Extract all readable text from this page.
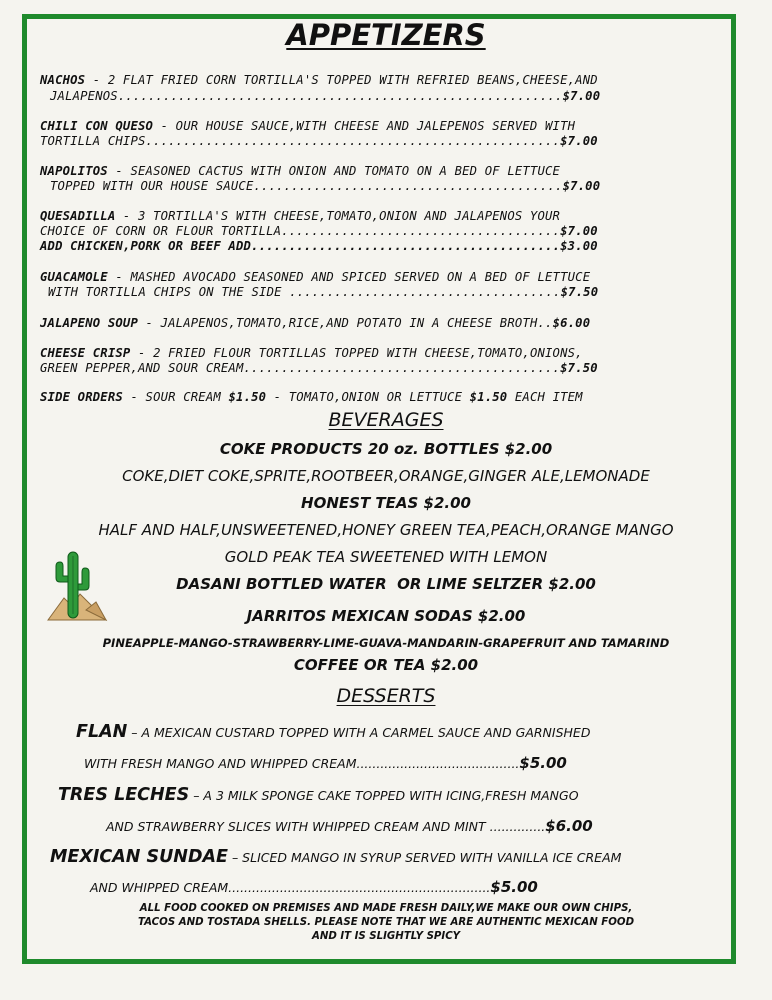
APPETIZERS
NACHOS - 2 FLAT FRIED CORN TORTILLA'S TOPPED WITH REFRIED BEANS,CHEESE,AND
JALAPENOS...........................................................$7.00
CHILI CON QUESO - OUR HOUSE SAUCE,WITH CHEESE AND JALEPENOS SERVED WITH
TORTILLA CHIPS.......................................................$7.00
NAPOLITOS - SEASONED CACTUS WITH ONION AND TOMATO ON A BED OF LETTUCE
TOPPED WITH OUR HOUSE SAUCE.........................................$7.00
QUESADILLA - 3 TORTILLA'S WITH CHEESE,TOMATO,ONION AND JALAPENOS YOUR
CHOICE OF CORN OR FLOUR TORTILLA.....................................$7.00
ADD CHICKEN,PORK OR BEEF ADD.........................................$3.00
GUACAMOLE - MASHED AVOCADO SEASONED AND SPICED SERVED ON A BED OF LETTUCE
WITH TORTILLA CHIPS ON THE SIDE ....................................$7.50
JALAPENO SOUP - JALAPENOS,TOMATO,RICE,AND POTATO IN A CHEESE BROTH..$6.00
CHEESE CRISP - 2 FRIED FLOUR TORTILLAS TOPPED WITH CHEESE,TOMATO,ONIONS,
GREEN PEPPER,AND SOUR CREAM..........................................$7.50
SIDE ORDERS - SOUR CREAM $1.50 - TOMATO,ONION OR LETTUCE $1.50 EACH ITEM
BEVERAGES
COKE PRODUCTS 20 oz. BOTTLES $2.00
COKE,DIET COKE,SPRITE,ROOTBEER,ORANGE,GINGER ALE,LEMONADE
HONEST TEAS $2.00
HALF AND HALF,UNSWEETENED,HONEY GREEN TEA,PEACH,ORANGE MANGO
GOLD PEAK TEA SWEETENED WITH LEMON
DASANI BOTTLED WATER  OR LIME SELTZER $2.00
JARRITOS MEXICAN SODAS $2.00
PINEAPPLE-MANGO-STRAWBERRY-LIME-GUAVA-MANDARIN-GRAPEFRUIT AND TAMARIND
COFFEE OR TEA $2.00
DESSERTS
FLAN – A MEXICAN CUSTARD TOPPED WITH A CARMEL SAUCE AND GARNISHED
WITH FRESH MANGO AND WHIPPED CREAM.........................................$5.00
TRES LECHES – A 3 MILK SPONGE CAKE TOPPED WITH ICING,FRESH MANGO
AND STRAWBERRY SLICES WITH WHIPPED CREAM AND MINT ..............$6.00
MEXICAN SUNDAE – SLICED MANGO IN SYRUP SERVED WITH VANILLA ICE CREAM
AND WHIPPED CREAM..................................................................$5.00
ALL FOOD COOKED ON PREMISES AND MADE FRESH DAILY,WE MAKE OUR OWN CHIPS,
TACOS AND TOSTADA SHELLS. PLEASE NOTE THAT WE ARE AUTHENTIC MEXICAN FOOD
AND IT IS SLIGHTLY SPICY
